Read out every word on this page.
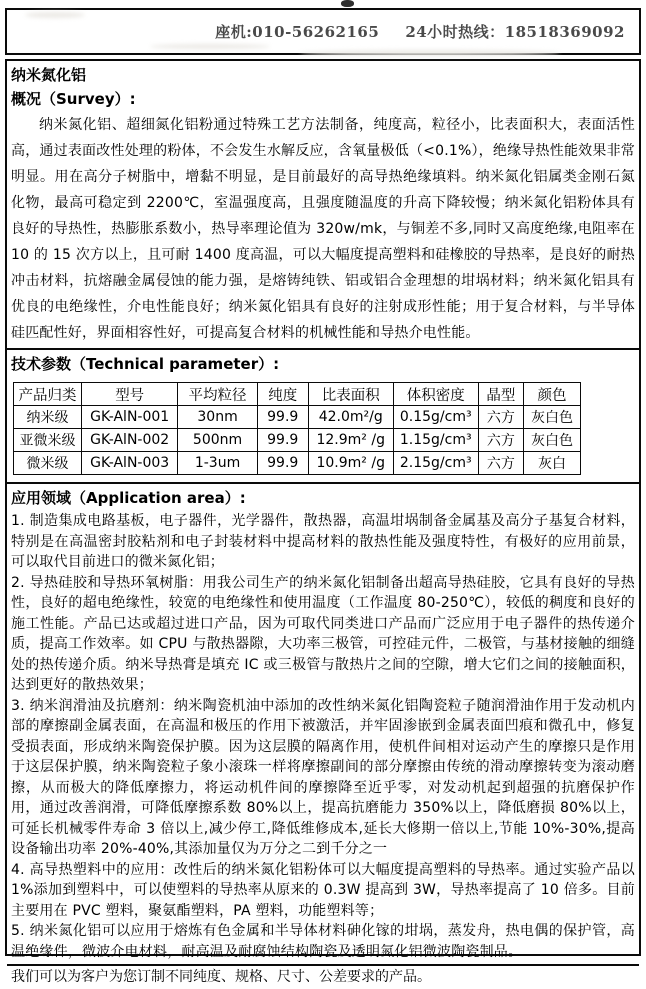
座机:010-56262165 24小时热线：18518369092
纳米氮化铝
概况（Survey）:
纳米氮化铝、超细氮化铝粉通过特殊工艺方法制备，纯度高，粒径小，比表面积大，表面活性高，通过表面改性处理的粉体，不会发生水解反应，含氧量极低（<0.1%），绝缘导热性能效果非常明显。用在高分子树脂中，增黏不明显，是目前最好的高导热绝缘填料。纳米氮化铝属类金刚石氮化物，最高可稳定到 2200℃，室温强度高，且强度随温度的升高下降较慢；纳米氮化铝粉体具有良好的导热性，热膨胀系数小，热导率理论值为 320w/mk，与铜差不多,同时又高度绝缘,电阻率在 10 的 15 次方以上，且可耐 1400 度高温，可以大幅度提高塑料和硅橡胶的导热率，是良好的耐热冲击材料，抗熔融金属侵蚀的能力强，是熔铸纯铁、铝或铝合金理想的坩埚材料；纳米氮化铝具有优良的电绝缘性，介电性能良好；纳米氮化铝具有良好的注射成形性能；用于复合材料，与半导体硅匹配性好，界面相容性好，可提高复合材料的机械性能和导热介电性能。
技术参数（Technical parameter）:
产品归类	型号	平均粒径	纯度	比表面积	体积密度	晶型	颜色
纳米级	GK-AlN-001	30nm	99.9	42.0m²/g	0.15g/cm³	六方	灰白色
亚微米级	GK-AlN-002	500nm	99.9	12.9m² /g	1.15g/cm³	六方	灰白色
微米级	GK-AlN-003	1-3um	99.9	10.9m² /g	2.15g/cm³	六方	灰白
应用领域（Application area）:
1. 制造集成电路基板，电子器件，光学器件，散热器，高温坩埚制备金属基及高分子基复合材料，特别是在高温密封胶粘剂和电子封装材料中提高材料的散热性能及强度特性，有极好的应用前景，可以取代目前进口的微米氮化铝；
2. 导热硅胶和导热环氧树脂：用我公司生产的纳米氮化铝制备出超高导热硅胶，它具有良好的导热性，良好的超电绝缘性，较宽的电绝缘性和使用温度（工作温度 80-250℃），较低的稠度和良好的施工性能。产品已达或超过进口产品，因为可取代同类进口产品而广泛应用于电子器件的热传递介质，提高工作效率。如 CPU 与散热器隙，大功率三极管，可控硅元件，二极管，与基材接触的细缝处的热传递介质。纳米导热膏是填充 IC 或三极管与散热片之间的空隙，增大它们之间的接触面积，达到更好的散热效果；
3. 纳米润滑油及抗磨剂：纳米陶瓷机油中添加的改性纳米氮化铝陶瓷粒子随润滑油作用于发动机内部的摩擦副金属表面，在高温和极压的作用下被激活，并牢固渗嵌到金属表面凹痕和微孔中，修复受损表面，形成纳米陶瓷保护膜。因为这层膜的隔离作用，使机件间相对运动产生的摩擦只是作用于这层保护膜，纳米陶瓷粒子象小滚珠一样将摩擦副间的部分摩擦由传统的滑动摩擦转变为滚动磨擦，从而极大的降低摩擦力，将运动机件间的摩擦降至近乎零，对发动机起到超强的抗磨保护作用，通过改善润滑，可降低摩擦系数 80%以上，提高抗磨能力 350%以上，降低磨损 80%以上，可延长机械零件寿命 3 倍以上,减少停工,降低维修成本,延长大修期一倍以上,节能 10%-30%,提高设备输出功率 20%-40%,其添加量仅为万分之二到千分之一
4. 高导热塑料中的应用：改性后的纳米氮化铝粉体可以大幅度提高塑料的导热率。通过实验产品以 1%添加到塑料中，可以使塑料的导热率从原来的 0.3W 提高到 3W，导热率提高了 10 倍多。目前主要用在 PVC 塑料，聚氨酯塑料，PA 塑料，功能塑料等；
5. 纳米氮化铝可以应用于熔炼有色金属和半导体材料砷化镓的坩埚，蒸发舟，热电偶的保护管，高温绝缘件，微波介电材料，耐高温及耐腐蚀结构陶瓷及透明氮化铝微波陶瓷制品。
我们可以为客户为您订制不同纯度、规格、尺寸、公差要求的产品。
